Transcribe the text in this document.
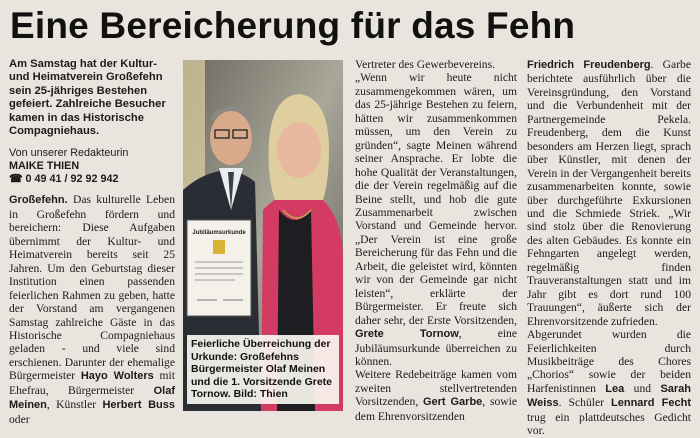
Eine Bereicherung für das Fehn

Am Samstag hat der Kultur- und Heimatverein Großefehn sein 25-jähriges Bestehen gefeiert. Zahlreiche Besucher kamen in das Historische Compagniehaus.

Von unserer Redakteurin
MAIKE THIEN

☎ 0 49 41 / 92 92 942

Großefehn. Das kulturelle Leben in Großefehn fördern und bereichern: Diese Aufgaben übernimmt der Kultur- und Heimatverein bereits seit 25 Jahren. Um den Geburtstag dieser Institution einen passenden feierlichen Rahmen zu geben, hatte der Vorstand am vergangenen Samstag zahlreiche Gäste in das Historische Compagniehaus geladen - und viele sind erschienen. Darunter der ehemalige Bürgermeister Hayo Wolters mit Ehefrau, Bürgermeister Olaf Meinen, Künstler Herbert Buss oder

Jubiläumsurkunde
Feierliche Überreichung der Urkunde: Großefehns Bürgermeister Olaf Meinen und die 1. Vorsitzende Grete Tornow. Bild: Thien

Vertreter des Gewerbevereins.

„Wenn wir heute nicht zusammengekommen wären, um das 25-jährige Bestehen zu feiern, hätten wir zusammenkommen müssen, um den Verein zu gründen“, sagte Meinen während seiner Ansprache. Er lobte die hohe Qualität der Veranstaltungen, die der Verein regelmäßig auf die Beine stellt, und hob die gute Zusammenarbeit zwischen Vorstand und Gemeinde hervor. „Der Verein ist eine große Bereicherung für das Fehn und die Arbeit, die geleistet wird, könnten wir von der Gemeinde gar nicht leisten“, erklärte der Bürgermeister. Er freute sich daher sehr, der Erste Vorsitzenden, Grete Tornow, eine Jubiläumsurkunde überreichen zu können.

Weitere Redebeiträge kamen vom zweiten stellvertretenden Vorsitzenden, Gert Garbe, sowie dem Ehrenvorsitzenden

Friedrich Freudenberg. Garbe berichtete ausführlich über die Vereinsgründung, den Vorstand und die Verbundenheit mit der Partnergemeinde Pekela. Freudenberg, dem die Kunst besonders am Herzen liegt, sprach über Künstler, mit denen der Verein in der Vergangenheit bereits zusammenarbeiten konnte, sowie über durchgeführte Exkursionen und die Schmiede Striek. „Wir sind stolz über die Renovierung des alten Gebäudes. Es konnte ein Fehngarten angelegt werden, regelmäßig finden Trauveranstaltungen statt und im Jahr gibt es dort rund 100 Trauungen“, äußerte sich der Ehrenvorsitzende zufrieden.

Abgerundet wurden die Feierlichkeiten durch Musikbeiträge des Chores „Chorios“ sowie der beiden Harfenistinnen Lea und Sarah Weiss. Schüler Lennard Fecht trug ein plattdeutsches Gedicht vor.
